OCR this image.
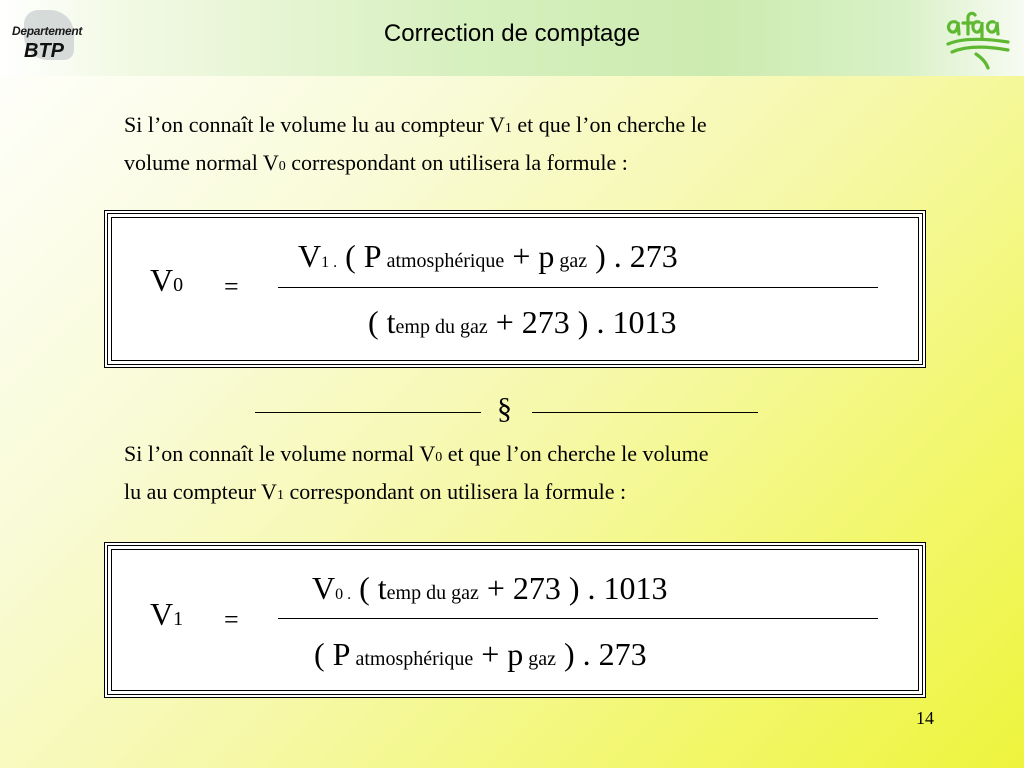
Departement
BTP
Correction de comptage
Si l’on connaît le volume lu au compteur V1 et que l’on cherche le
volume normal V0 correspondant on utilisera la formule :
V0 =
V1 . ( P atmosphérique + p gaz ) . 273
( temp du gaz + 273 ) . 1013
§
Si l’on connaît le volume normal V0 et que l’on cherche le volume
lu au compteur V1 correspondant on utilisera la formule :
V1 =
V0 . ( temp du gaz + 273 ) . 1013
( P atmosphérique + p gaz ) . 273
14
